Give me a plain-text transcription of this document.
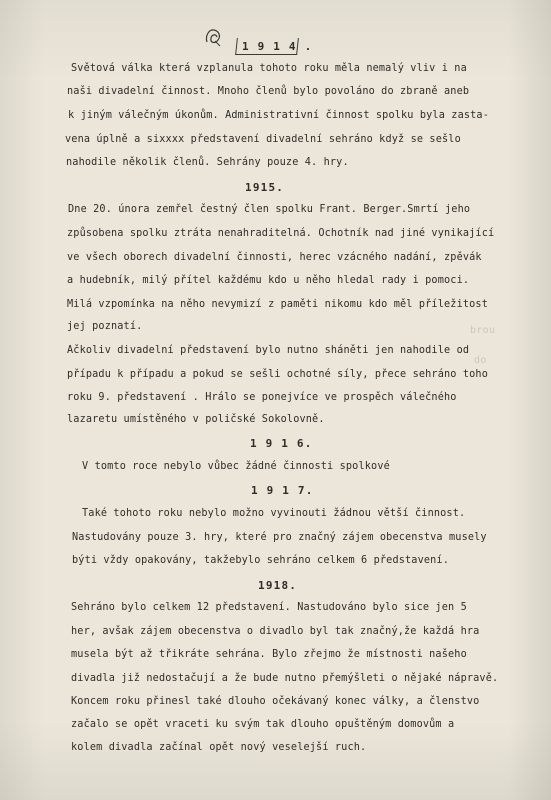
1 9 1 4 .
brou
do
Světová válka která vzplanula tohoto roku měla nemalý vliv i na
naši divadelní činnost. Mnoho členů bylo povoláno do zbraně aneb
k jiným válečným úkonům. Administrativní činnost spolku byla zasta-
vena úplně a sixxxx představení divadelní sehráno když se sešlo
nahodile několik členů. Sehrány pouze 4. hry.
1915.
Dne 20. února zemřel čestný člen spolku Frant. Berger.Smrtí jeho
způsobena spolku ztráta nenahraditelná. Ochotník nad jiné vynikající
ve všech oborech divadelní činnosti, herec vzácného nadání, zpěvák
a hudebník, milý přítel každému kdo u něho hledal rady i pomoci.
Milá vzpomínka na něho nevymizí z paměti nikomu kdo měl příležitost
jej poznatí.
Ačkoliv divadelní představení bylo nutno sháněti jen nahodile od
případu k případu a pokud se sešli ochotné síly, přece sehráno toho
roku 9. představení . Hrálo se ponejvíce ve prospěch válečného
lazaretu umístěného v poličské Sokolovně.
1 9 1 6.
V tomto roce nebylo vůbec žádné činnosti spolkové
1 9 1 7.
Také tohoto roku nebylo možno vyvinouti žádnou větší činnost.
Nastudovány pouze 3. hry, které pro značný zájem obecenstva musely
býti vždy opakovány, takžebylo sehráno celkem 6 představení.
1918.
Sehráno bylo celkem 12 představení. Nastudováno bylo sice jen 5
her, avšak zájem obecenstva o divadlo byl tak značný,že každá hra
musela být až třikráte sehrána. Bylo zřejmo že místnosti našeho
divadla již nedostačují a že bude nutno přemýšleti o nějaké nápravě.
Koncem roku přinesl také dlouho očekávaný konec války, a členstvo
začalo se opět vraceti ku svým tak dlouho opuštěným domovům a
kolem divadla začínal opět nový veselejší ruch.
